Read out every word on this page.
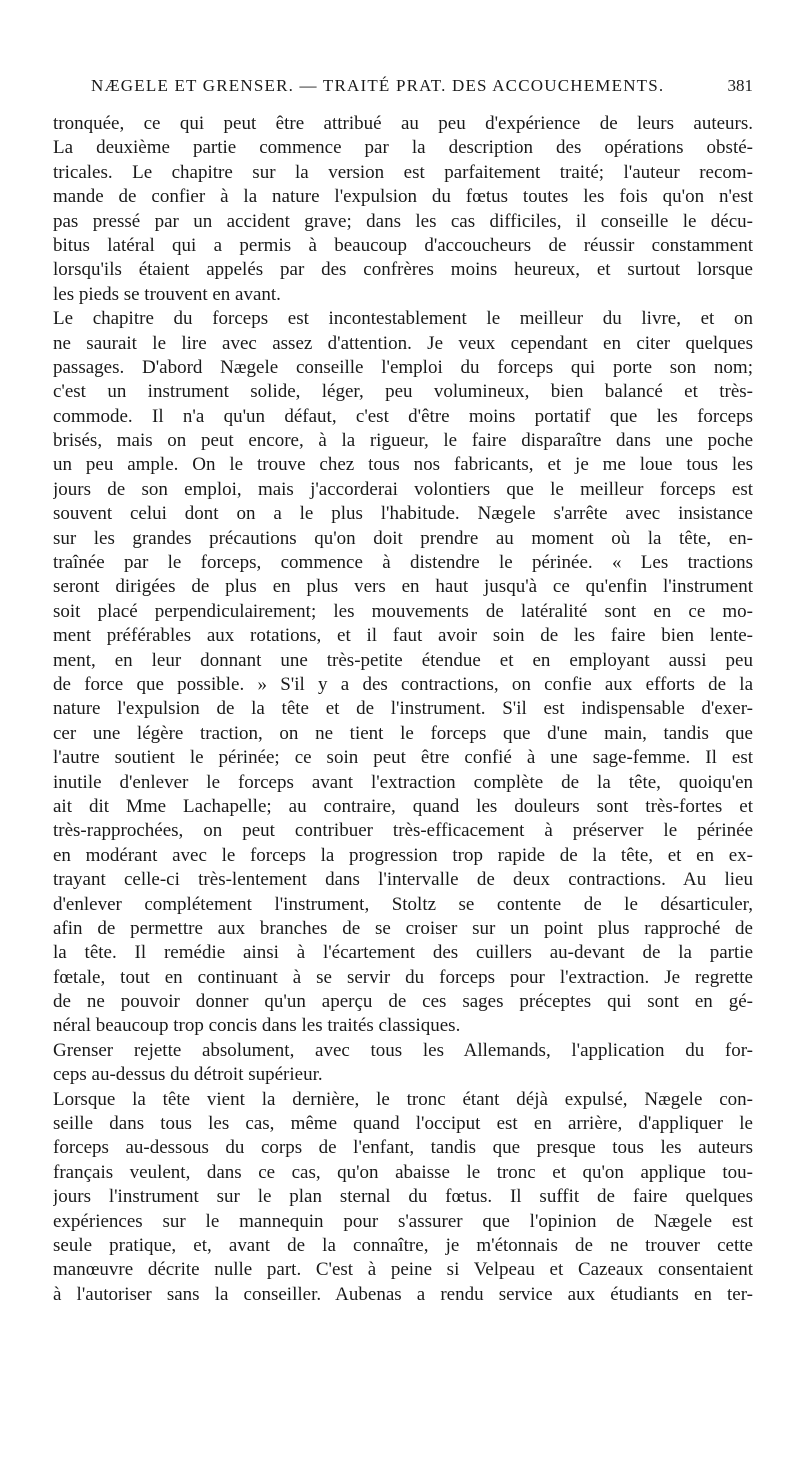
NÆGELE ET GRENSER. — TRAITÉ PRAT. DES ACCOUCHEMENTS.	381
tronquée, ce qui peut être attribué au peu d'expérience de leurs auteurs.
La deuxième partie commence par la description des opérations obsté-
tricales. Le chapitre sur la version est parfaitement traité; l'auteur recom-
mande de confier à la nature l'expulsion du fœtus toutes les fois qu'on n'est
pas pressé par un accident grave; dans les cas difficiles, il conseille le décu-
bitus latéral qui a permis à beaucoup d'accoucheurs de réussir constamment
lorsqu'ils étaient appelés par des confrères moins heureux, et surtout lorsque
les pieds se trouvent en avant.
Le chapitre du forceps est incontestablement le meilleur du livre, et on
ne saurait le lire avec assez d'attention. Je veux cependant en citer quelques
passages. D'abord Nægele conseille l'emploi du forceps qui porte son nom;
c'est un instrument solide, léger, peu volumineux, bien balancé et très-
commode. Il n'a qu'un défaut, c'est d'être moins portatif que les forceps
brisés, mais on peut encore, à la rigueur, le faire disparaître dans une poche
un peu ample. On le trouve chez tous nos fabricants, et je me loue tous les
jours de son emploi, mais j'accorderai volontiers que le meilleur forceps est
souvent celui dont on a le plus l'habitude. Nægele s'arrête avec insistance
sur les grandes précautions qu'on doit prendre au moment où la tête, en-
traînée par le forceps, commence à distendre le périnée. « Les tractions
seront dirigées de plus en plus vers en haut jusqu'à ce qu'enfin l'instrument
soit placé perpendiculairement; les mouvements de latéralité sont en ce mo-
ment préférables aux rotations, et il faut avoir soin de les faire bien lente-
ment, en leur donnant une très-petite étendue et en employant aussi peu
de force que possible. » S'il y a des contractions, on confie aux efforts de la
nature l'expulsion de la tête et de l'instrument. S'il est indispensable d'exer-
cer une légère traction, on ne tient le forceps que d'une main, tandis que
l'autre soutient le périnée; ce soin peut être confié à une sage-femme. Il est
inutile d'enlever le forceps avant l'extraction complète de la tête, quoiqu'en
ait dit Mme Lachapelle; au contraire, quand les douleurs sont très-fortes et
très-rapprochées, on peut contribuer très-efficacement à préserver le périnée
en modérant avec le forceps la progression trop rapide de la tête, et en ex-
trayant celle-ci très-lentement dans l'intervalle de deux contractions. Au lieu
d'enlever complétement l'instrument, Stoltz se contente de le désarticuler,
afin de permettre aux branches de se croiser sur un point plus rapproché de
la tête. Il remédie ainsi à l'écartement des cuillers au-devant de la partie
fœtale, tout en continuant à se servir du forceps pour l'extraction. Je regrette
de ne pouvoir donner qu'un aperçu de ces sages préceptes qui sont en gé-
néral beaucoup trop concis dans les traités classiques.
Grenser rejette absolument, avec tous les Allemands, l'application du for-
ceps au-dessus du détroit supérieur.
Lorsque la tête vient la dernière, le tronc étant déjà expulsé, Nægele con-
seille dans tous les cas, même quand l'occiput est en arrière, d'appliquer le
forceps au-dessous du corps de l'enfant, tandis que presque tous les auteurs
français veulent, dans ce cas, qu'on abaisse le tronc et qu'on applique tou-
jours l'instrument sur le plan sternal du fœtus. Il suffit de faire quelques
expériences sur le mannequin pour s'assurer que l'opinion de Nægele est
seule pratique, et, avant de la connaître, je m'étonnais de ne trouver cette
manœuvre décrite nulle part. C'est à peine si Velpeau et Cazeaux consentaient
à l'autoriser sans la conseiller. Aubenas a rendu service aux étudiants en ter-
